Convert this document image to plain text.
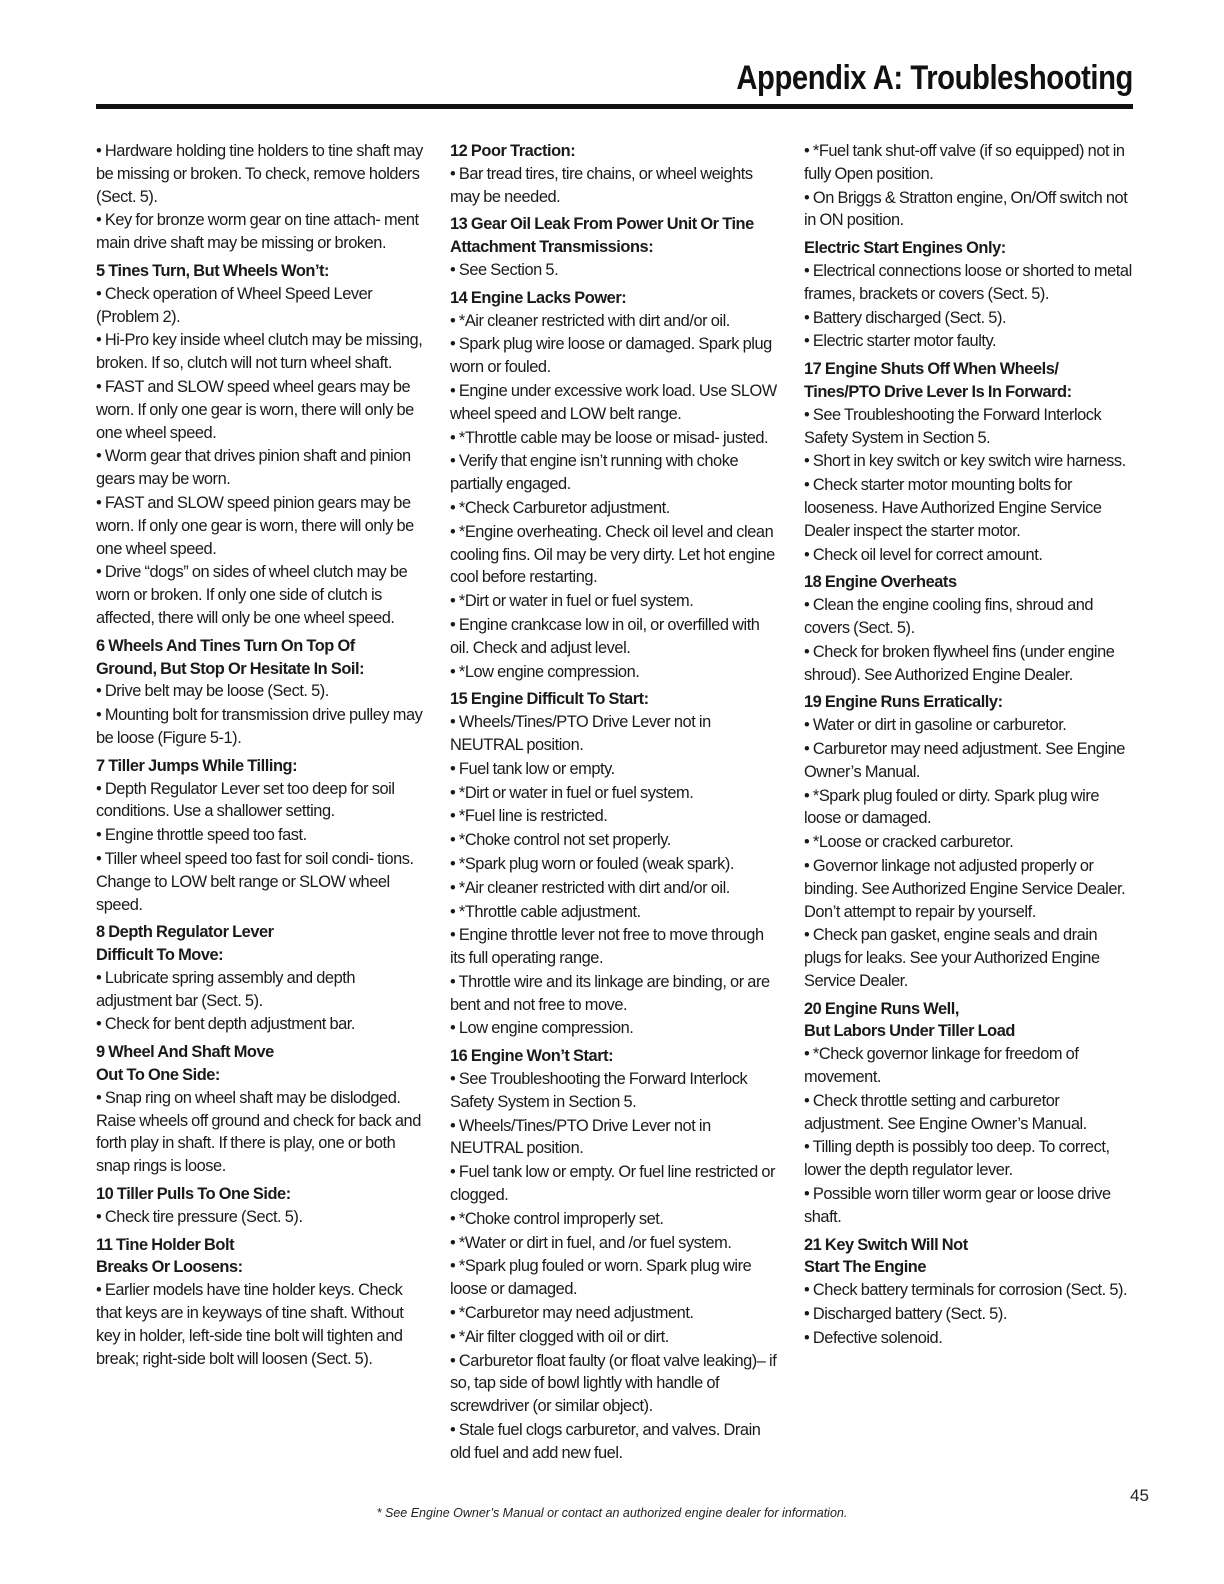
Appendix A: Troubleshooting
• Hardware holding tine holders to tine shaft may be missing or broken. To check, remove holders (Sect. 5).
• Key for bronze worm gear on tine attach- ment main drive shaft may be missing or broken.
5 Tines Turn, But Wheels Won’t:
• Check operation of Wheel Speed Lever (Problem 2).
• Hi-Pro key inside wheel clutch may be missing, broken. If so, clutch will not turn wheel shaft.
• FAST and SLOW speed wheel gears may be worn. If only one gear is worn, there will only be one wheel speed.
• Worm gear that drives pinion shaft and pinion gears may be worn.
• FAST and SLOW speed pinion gears may be worn. If only one gear is worn, there will only be one wheel speed.
• Drive “dogs” on sides of wheel clutch may be worn or broken. If only one side of clutch is affected, there will only be one wheel speed.
6 Wheels And Tines Turn On Top Of
Ground, But Stop Or Hesitate In Soil:
• Drive belt may be loose (Sect. 5).
• Mounting bolt for transmission drive pulley may be loose (Figure 5-1).
7 Tiller Jumps While Tilling:
• Depth Regulator Lever set too deep for soil conditions. Use a shallower setting.
• Engine throttle speed too fast.
• Tiller wheel speed too fast for soil condi- tions. Change to LOW belt range or SLOW wheel speed.
8 Depth Regulator Lever
Difficult To Move:
• Lubricate spring assembly and depth adjustment bar (Sect. 5).
• Check for bent depth adjustment bar.
9 Wheel And Shaft Move
Out To One Side:
• Snap ring on wheel shaft may be dislodged. Raise wheels off ground and check for back and forth play in shaft. If there is play, one or both snap rings is loose.
10 Tiller Pulls To One Side:
• Check tire pressure (Sect. 5).
11 Tine Holder Bolt
Breaks Or Loosens:
• Earlier models have tine holder keys. Check that keys are in keyways of tine shaft. Without key in holder, left-side tine bolt will tighten and break; right-side bolt will loosen (Sect. 5).
12 Poor Traction:
• Bar tread tires, tire chains, or wheel weights may be needed.
13 Gear Oil Leak From Power Unit Or Tine
Attachment Transmissions:
• See Section 5.
14 Engine Lacks Power:
• *Air cleaner restricted with dirt and/or oil.
• Spark plug wire loose or damaged. Spark plug worn or fouled.
• Engine under excessive work load. Use SLOW wheel speed and LOW belt range.
• *Throttle cable may be loose or misad- justed.
• Verify that engine isn’t running with choke partially engaged.
• *Check Carburetor adjustment.
• *Engine overheating. Check oil level and clean cooling fins. Oil may be very dirty. Let hot engine cool before restarting.
• *Dirt or water in fuel or fuel system.
• Engine crankcase low in oil, or overfilled with oil. Check and adjust level.
• *Low engine compression.
15 Engine Difficult To Start:
• Wheels/Tines/PTO Drive Lever not in NEUTRAL position.
• Fuel tank low or empty.
• *Dirt or water in fuel or fuel system.
• *Fuel line is restricted.
• *Choke control not set properly.
• *Spark plug worn or fouled (weak spark).
• *Air cleaner restricted with dirt and/or oil.
• *Throttle cable adjustment.
• Engine throttle lever not free to move through its full operating range.
• Throttle wire and its linkage are binding, or are bent and not free to move.
• Low engine compression.
16 Engine Won’t Start:
• See Troubleshooting the Forward Interlock Safety System in Section 5.
• Wheels/Tines/PTO Drive Lever not in NEUTRAL position.
• Fuel tank low or empty. Or fuel line restricted or clogged.
• *Choke control improperly set.
• *Water or dirt in fuel, and /or fuel system.
• *Spark plug fouled or worn. Spark plug wire loose or damaged.
• *Carburetor may need adjustment.
• *Air filter clogged with oil or dirt.
• Carburetor float faulty (or float valve leaking)– if so, tap side of bowl lightly with handle of screwdriver (or similar object).
• Stale fuel clogs carburetor, and valves. Drain old fuel and add new fuel.
• *Fuel tank shut-off valve (if so equipped) not in fully Open position.
• On Briggs & Stratton engine, On/Off switch not in ON position.
Electric Start Engines Only:
• Electrical connections loose or shorted to metal frames, brackets or covers (Sect. 5).
• Battery discharged (Sect. 5).
• Electric starter motor faulty.
17 Engine Shuts Off When Wheels/
Tines/PTO Drive Lever Is In Forward:
• See Troubleshooting the Forward Interlock Safety System in Section 5.
• Short in key switch or key switch wire harness.
• Check starter motor mounting bolts for looseness. Have Authorized Engine Service Dealer inspect the starter motor.
• Check oil level for correct amount.
18 Engine Overheats
• Clean the engine cooling fins, shroud and covers (Sect. 5).
• Check for broken flywheel fins (under engine shroud). See Authorized Engine Dealer.
19 Engine Runs Erratically:
• Water or dirt in gasoline or carburetor.
• Carburetor may need adjustment. See Engine Owner’s Manual.
• *Spark plug fouled or dirty. Spark plug wire loose or damaged.
• *Loose or cracked carburetor.
• Governor linkage not adjusted properly or binding. See Authorized Engine Service Dealer. Don’t attempt to repair by yourself.
• Check pan gasket, engine seals and drain plugs for leaks. See your Authorized Engine Service Dealer.
20 Engine Runs Well,
But Labors Under Tiller Load
• *Check governor linkage for freedom of movement.
• Check throttle setting and carburetor adjustment. See Engine Owner’s Manual.
• Tilling depth is possibly too deep. To correct, lower the depth regulator lever.
• Possible worn tiller worm gear or loose drive shaft.
21 Key Switch Will Not
Start The Engine
• Check battery terminals for corrosion (Sect. 5).
• Discharged battery (Sect. 5).
• Defective solenoid.
* See Engine Owner’s Manual or contact an authorized engine dealer for information.
45
